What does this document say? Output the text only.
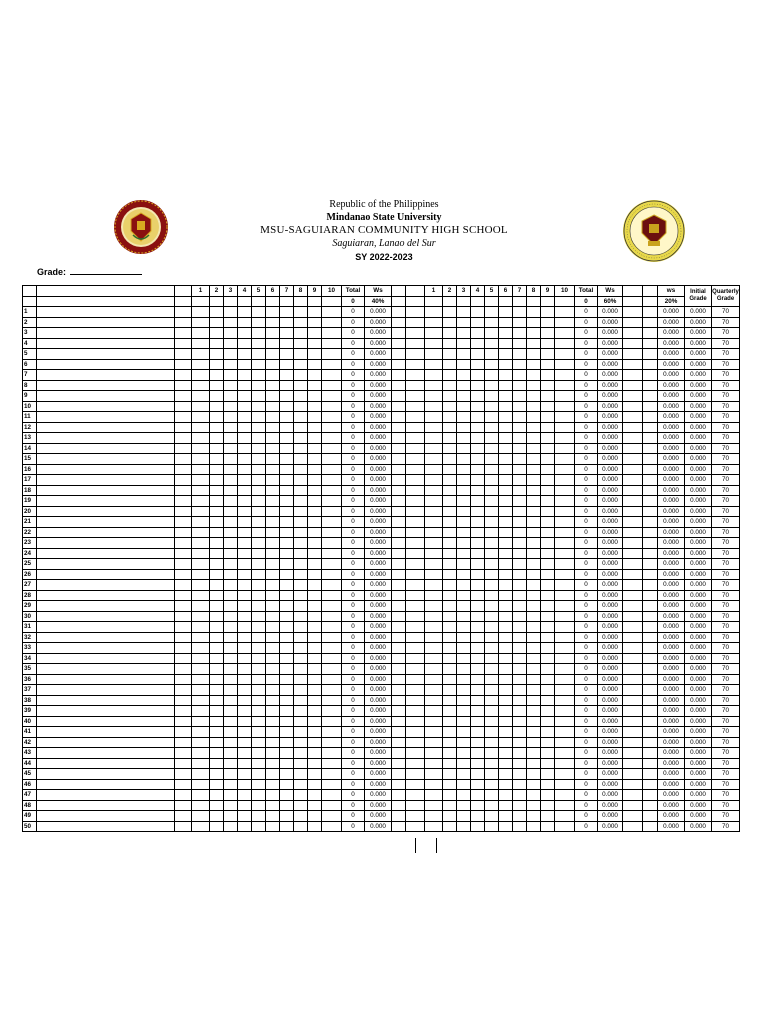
Republic of the Philippines
Mindanao State University
MSU-SAGUIARAN COMMUNITY HIGH SCHOOL
Saguiaran, Lanao del Sur
SY 2022-2023
Grade:
			1	2	3	4	5	6	7	8	9	10	Total	Ws			1	2	3	4	5	6	7	8	9	10	Total	Ws			ws	Initial Grade	Quarterly Grade
													0	40%													0	60%			20%		
1													0	0.000													0	0.000			0.000	0.000	70
2													0	0.000													0	0.000			0.000	0.000	70
3													0	0.000													0	0.000			0.000	0.000	70
4													0	0.000													0	0.000			0.000	0.000	70
5													0	0.000													0	0.000			0.000	0.000	70
6													0	0.000													0	0.000			0.000	0.000	70
7													0	0.000													0	0.000			0.000	0.000	70
8													0	0.000													0	0.000			0.000	0.000	70
9													0	0.000													0	0.000			0.000	0.000	70
10													0	0.000													0	0.000			0.000	0.000	70
11													0	0.000													0	0.000			0.000	0.000	70
12													0	0.000													0	0.000			0.000	0.000	70
13													0	0.000													0	0.000			0.000	0.000	70
14													0	0.000													0	0.000			0.000	0.000	70
15													0	0.000													0	0.000			0.000	0.000	70
16													0	0.000													0	0.000			0.000	0.000	70
17													0	0.000													0	0.000			0.000	0.000	70
18													0	0.000													0	0.000			0.000	0.000	70
19													0	0.000													0	0.000			0.000	0.000	70
20													0	0.000													0	0.000			0.000	0.000	70
21													0	0.000													0	0.000			0.000	0.000	70
22													0	0.000													0	0.000			0.000	0.000	70
23													0	0.000													0	0.000			0.000	0.000	70
24													0	0.000													0	0.000			0.000	0.000	70
25													0	0.000													0	0.000			0.000	0.000	70
26													0	0.000													0	0.000			0.000	0.000	70
27													0	0.000													0	0.000			0.000	0.000	70
28													0	0.000													0	0.000			0.000	0.000	70
29													0	0.000													0	0.000			0.000	0.000	70
30													0	0.000													0	0.000			0.000	0.000	70
31													0	0.000													0	0.000			0.000	0.000	70
32													0	0.000													0	0.000			0.000	0.000	70
33													0	0.000													0	0.000			0.000	0.000	70
34													0	0.000													0	0.000			0.000	0.000	70
35													0	0.000													0	0.000			0.000	0.000	70
36													0	0.000													0	0.000			0.000	0.000	70
37													0	0.000													0	0.000			0.000	0.000	70
38													0	0.000													0	0.000			0.000	0.000	70
39													0	0.000													0	0.000			0.000	0.000	70
40													0	0.000													0	0.000			0.000	0.000	70
41													0	0.000													0	0.000			0.000	0.000	70
42													0	0.000													0	0.000			0.000	0.000	70
43													0	0.000													0	0.000			0.000	0.000	70
44													0	0.000													0	0.000			0.000	0.000	70
45													0	0.000													0	0.000			0.000	0.000	70
46													0	0.000													0	0.000			0.000	0.000	70
47													0	0.000													0	0.000			0.000	0.000	70
48													0	0.000													0	0.000			0.000	0.000	70
49													0	0.000													0	0.000			0.000	0.000	70
50													0	0.000													0	0.000			0.000	0.000	70
